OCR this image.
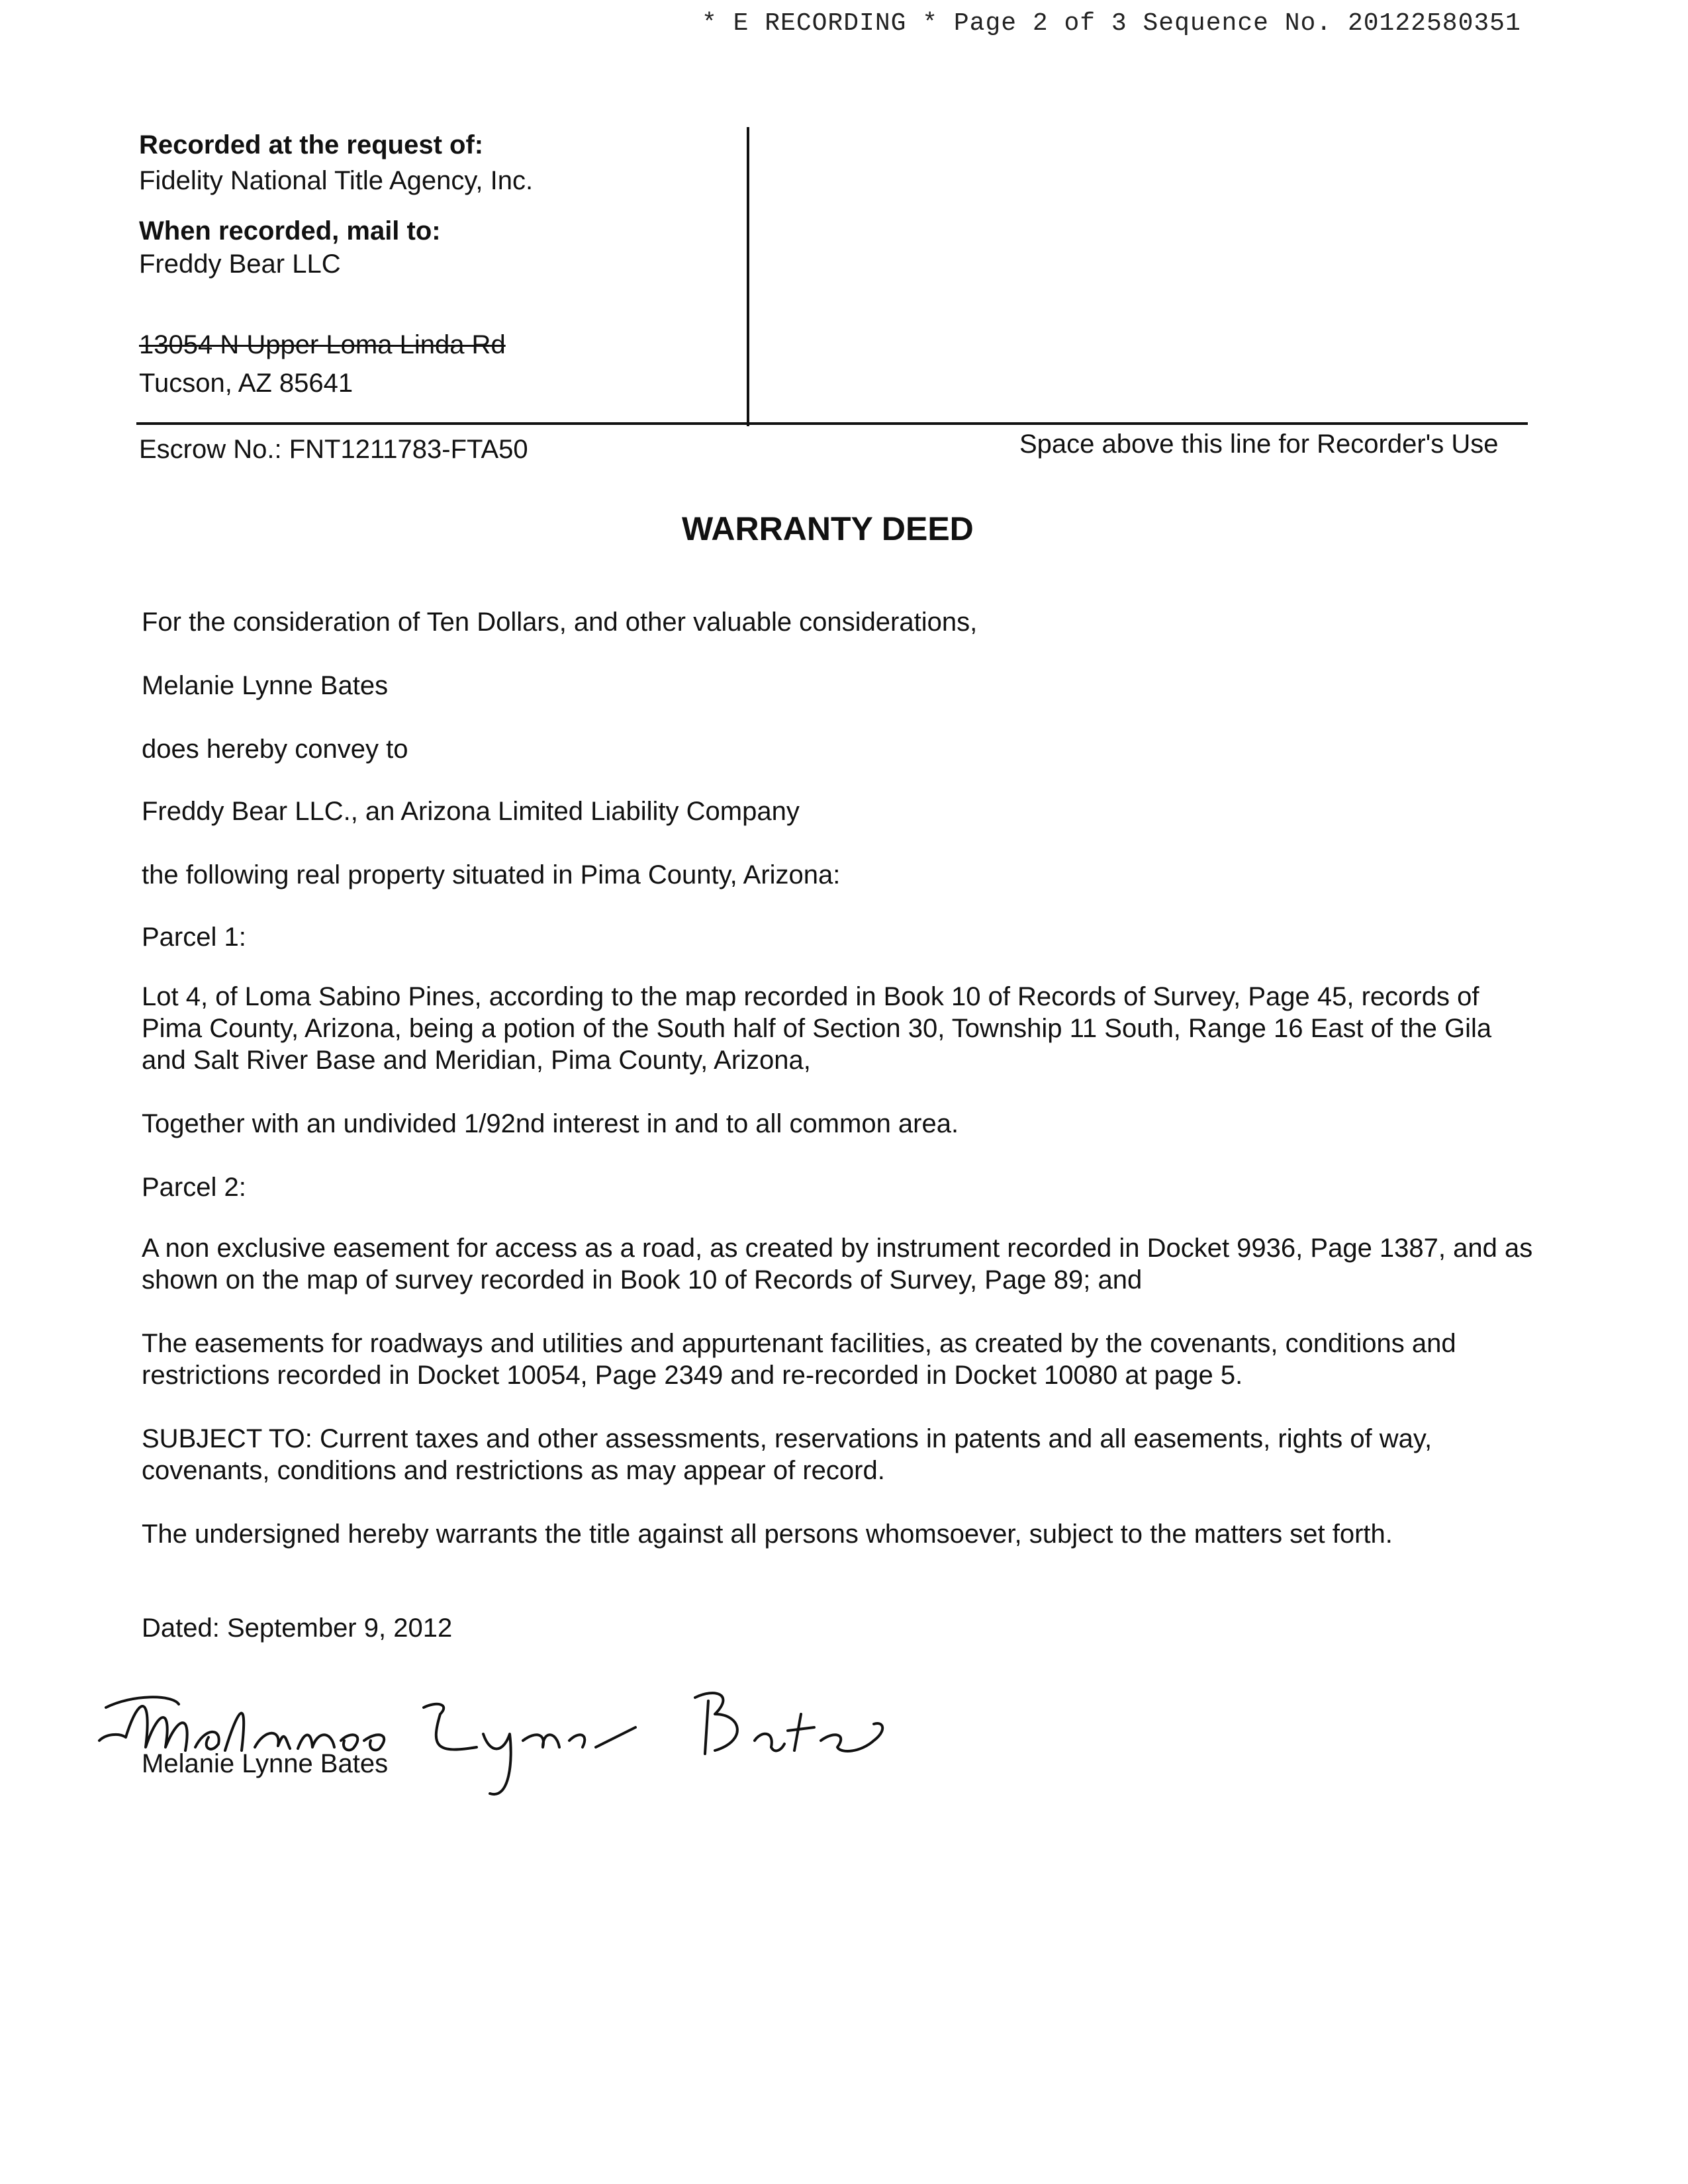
* E RECORDING * Page 2 of 3 Sequence No. 20122580351
Recorded at the request of:
Fidelity National Title Agency, Inc.
When recorded, mail to:
Freddy Bear LLC
13054 N Upper Loma Linda Rd
Tucson, AZ 85641
Escrow No.: FNT1211783-FTA50	Space above this line for Recorder's Use
WARRANTY DEED
For the consideration of Ten Dollars, and other valuable considerations,
Melanie Lynne Bates
does hereby convey to
Freddy Bear LLC., an Arizona Limited Liability Company
the following real property situated in Pima County, Arizona:
Parcel 1:
Lot 4, of Loma Sabino Pines, according to the map recorded in Book 10 of Records of Survey, Page 45, records of Pima County, Arizona, being a potion of the South half of Section 30, Township 11 South, Range 16 East of the Gila and Salt River Base and Meridian, Pima County, Arizona,
Together with an undivided 1/92nd interest in and to all common area.
Parcel 2:
A non exclusive easement for access as a road, as created by instrument recorded in Docket 9936, Page 1387, and as shown on the map of survey recorded in Book 10 of Records of Survey, Page 89; and
The easements for roadways and utilities and appurtenant facilities, as created by the covenants, conditions and restrictions recorded in Docket 10054, Page 2349 and re-recorded in Docket 10080 at page 5.
SUBJECT TO: Current taxes and other assessments, reservations in patents and all easements, rights of way, covenants, conditions and restrictions as may appear of record.
The undersigned hereby warrants the title against all persons whomsoever, subject to the matters set forth.
Dated: September 9, 2012
Melanie Lynne Bates
